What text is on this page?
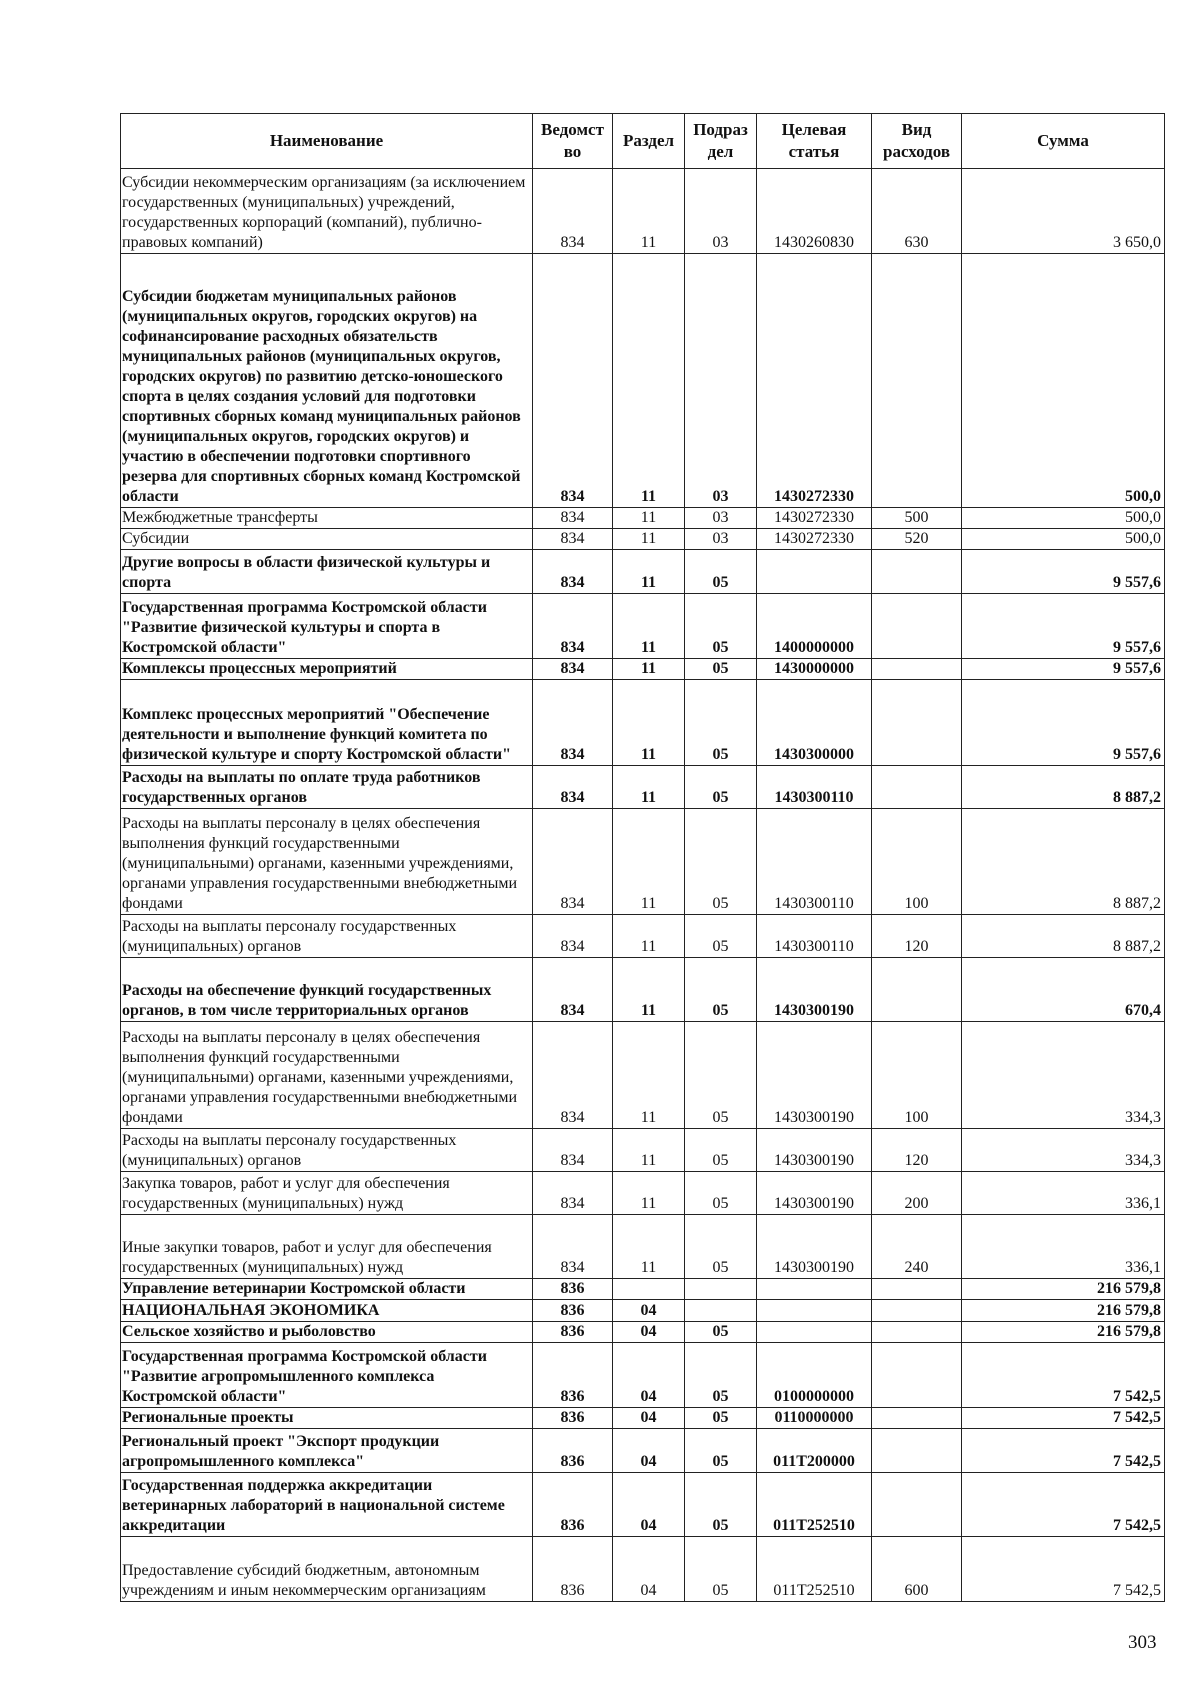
Наименование	Ведомст во	Раздел	Подраз дел	Целевая статья	Вид расходов	Сумма
Субсидии некоммерческим организациям (за исключением государственных (муниципальных) учреждений, государственных корпораций (компаний), публично-правовых компаний)	834	11	03	1430260830	630	3 650,0
Субсидии бюджетам муниципальных районов (муниципальных округов, городских округов) на софинансирование расходных обязательств муниципальных районов (муниципальных округов, городских округов) по развитию детско-юношеского спорта в целях создания условий для подготовки спортивных сборных команд муниципальных районов (муниципальных округов, городских округов) и участию в обеспечении подготовки спортивного резерва для спортивных сборных команд Костромской области	834	11	03	1430272330		500,0
Межбюджетные трансферты	834	11	03	1430272330	500	500,0
Субсидии	834	11	03	1430272330	520	500,0
Другие вопросы в области физической культуры и спорта	834	11	05			9 557,6
Государственная программа Костромской области "Развитие физической культуры и спорта в Костромской области"	834	11	05	1400000000		9 557,6
Комплексы процессных мероприятий	834	11	05	1430000000		9 557,6
Комплекс процессных мероприятий "Обеспечение деятельности и выполнение функций комитета по физической культуре и спорту Костромской области"	834	11	05	1430300000		9 557,6
Расходы на выплаты по оплате труда работников государственных органов	834	11	05	1430300110		8 887,2
Расходы на выплаты персоналу в целях обеспечения выполнения функций государственными (муниципальными) органами, казенными учреждениями, органами управления государственными внебюджетными фондами	834	11	05	1430300110	100	8 887,2
Расходы на выплаты персоналу государственных (муниципальных) органов	834	11	05	1430300110	120	8 887,2
Расходы на обеспечение функций государственных органов, в том числе территориальных органов	834	11	05	1430300190		670,4
Расходы на выплаты персоналу в целях обеспечения выполнения функций государственными (муниципальными) органами, казенными учреждениями, органами управления государственными внебюджетными фондами	834	11	05	1430300190	100	334,3
Расходы на выплаты персоналу государственных (муниципальных) органов	834	11	05	1430300190	120	334,3
Закупка товаров, работ и услуг для обеспечения государственных (муниципальных) нужд	834	11	05	1430300190	200	336,1
Иные закупки товаров, работ и услуг для обеспечения государственных (муниципальных) нужд	834	11	05	1430300190	240	336,1
Управление ветеринарии Костромской области	836					216 579,8
НАЦИОНАЛЬНАЯ ЭКОНОМИКА	836	04				216 579,8
Сельское хозяйство и рыболовство	836	04	05			216 579,8
Государственная программа Костромской области "Развитие агропромышленного комплекса Костромской области"	836	04	05	0100000000		7 542,5
Региональные проекты	836	04	05	0110000000		7 542,5
Региональный проект "Экспорт продукции агропромышленного комплекса"	836	04	05	011Т200000		7 542,5
Государственная поддержка аккредитации ветеринарных лабораторий в национальной системе аккредитации	836	04	05	011Т252510		7 542,5
Предоставление субсидий бюджетным, автономным учреждениям и иным некоммерческим организациям	836	04	05	011Т252510	600	7 542,5
303
